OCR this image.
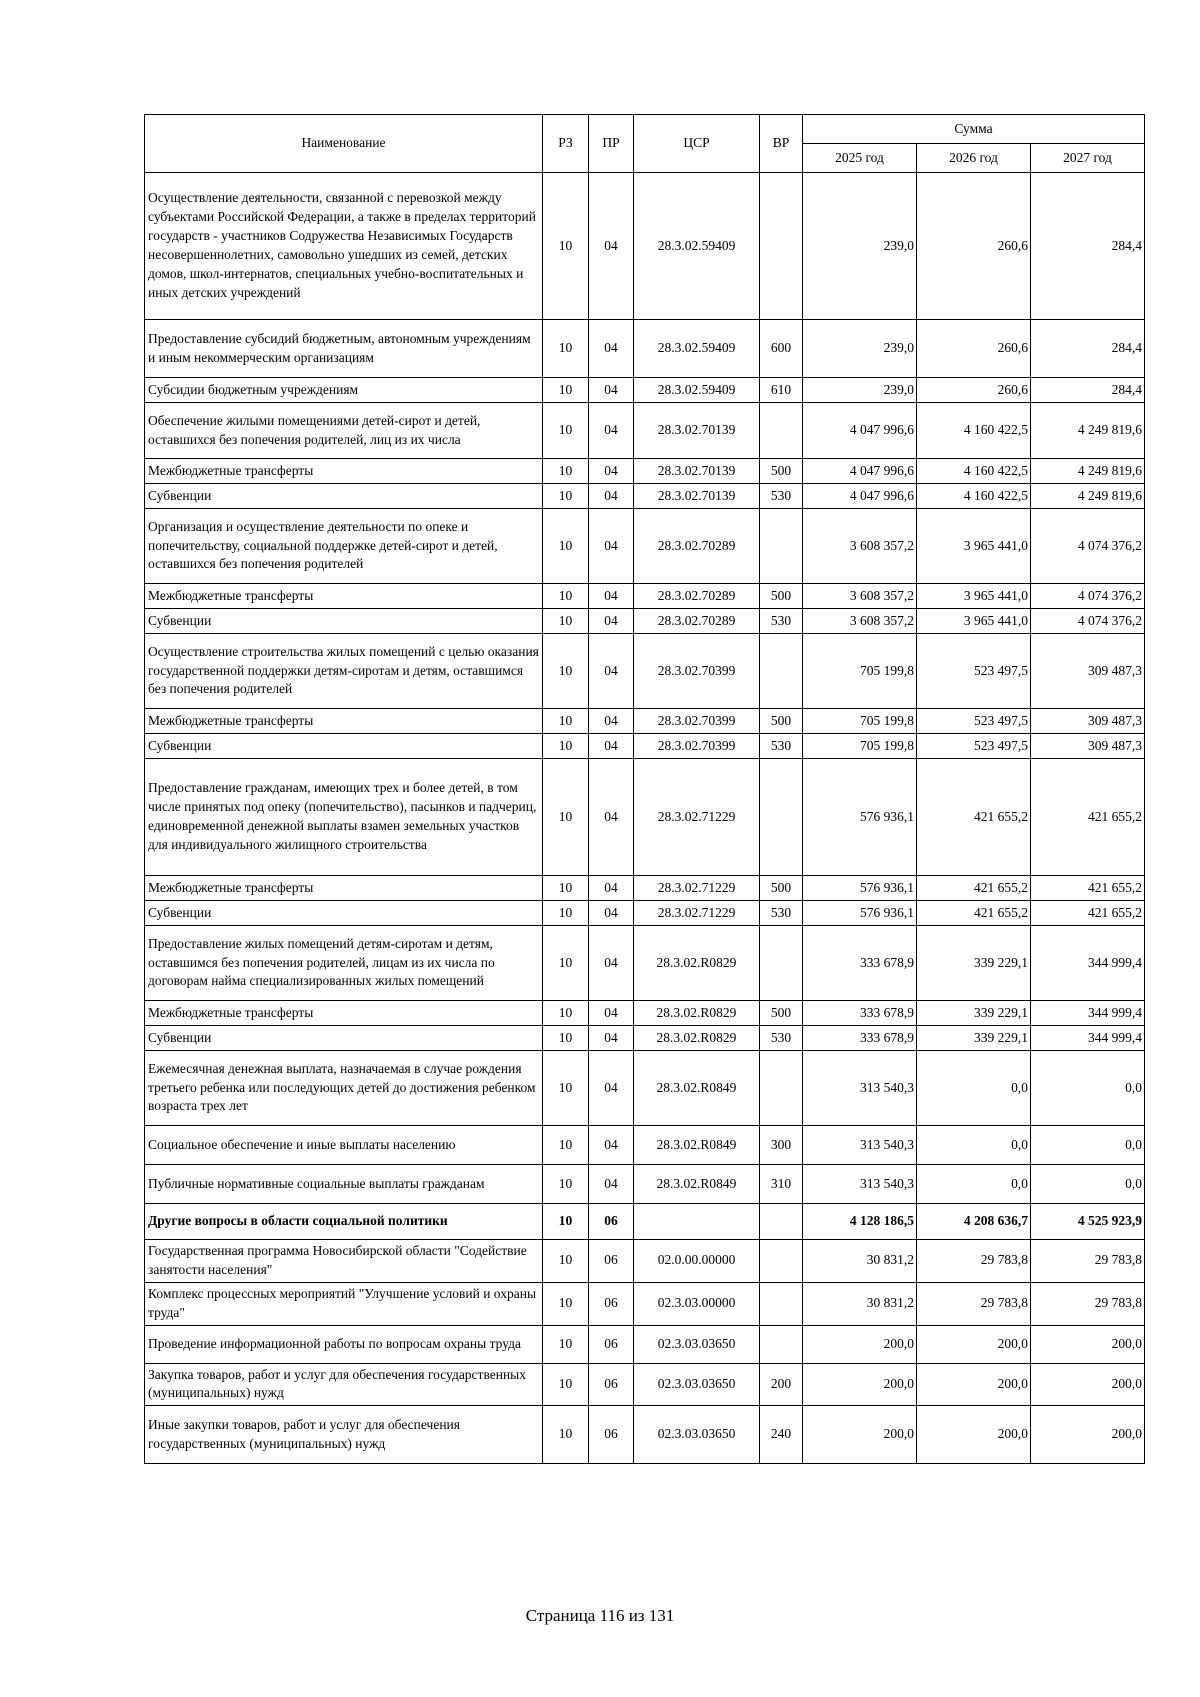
Наименование	РЗ	ПР	ЦСР	ВР	Сумма		
					2025 год	2026 год	2027 год
Осуществление деятельности, связанной с перевозкой между субъектами Российской Федерации, а также в пределах территорий государств - участников Содружества Независимых Государств несовершеннолетних, самовольно ушедших из семей, детских домов, школ-интернатов, специальных учебно-воспитательных и иных детских учреждений	10	04	28.3.02.59409		239,0	260,6	284,4
Предоставление субсидий бюджетным, автономным учреждениям и иным некоммерческим организациям	10	04	28.3.02.59409	600	239,0	260,6	284,4
Субсидии бюджетным учреждениям	10	04	28.3.02.59409	610	239,0	260,6	284,4
Обеспечение жилыми помещениями детей-сирот и детей, оставшихся без попечения родителей, лиц из их числа	10	04	28.3.02.70139		4 047 996,6	4 160 422,5	4 249 819,6
Межбюджетные трансферты	10	04	28.3.02.70139	500	4 047 996,6	4 160 422,5	4 249 819,6
Субвенции	10	04	28.3.02.70139	530	4 047 996,6	4 160 422,5	4 249 819,6
Организация и осуществление деятельности по опеке и попечительству, социальной поддержке детей-сирот и детей, оставшихся без попечения родителей	10	04	28.3.02.70289		3 608 357,2	3 965 441,0	4 074 376,2
Межбюджетные трансферты	10	04	28.3.02.70289	500	3 608 357,2	3 965 441,0	4 074 376,2
Субвенции	10	04	28.3.02.70289	530	3 608 357,2	3 965 441,0	4 074 376,2
Осуществление строительства жилых помещений с целью оказания государственной поддержки детям-сиротам и детям, оставшимся без попечения родителей	10	04	28.3.02.70399		705 199,8	523 497,5	309 487,3
Межбюджетные трансферты	10	04	28.3.02.70399	500	705 199,8	523 497,5	309 487,3
Субвенции	10	04	28.3.02.70399	530	705 199,8	523 497,5	309 487,3
Предоставление гражданам, имеющих трех и более детей, в том числе принятых под опеку (попечительство), пасынков и падчериц, единовременной денежной выплаты взамен земельных участков для индивидуального жилищного строительства	10	04	28.3.02.71229		576 936,1	421 655,2	421 655,2
Межбюджетные трансферты	10	04	28.3.02.71229	500	576 936,1	421 655,2	421 655,2
Субвенции	10	04	28.3.02.71229	530	576 936,1	421 655,2	421 655,2
Предоставление жилых помещений детям-сиротам и детям, оставшимся без попечения родителей, лицам из их числа по договорам найма специализированных жилых помещений	10	04	28.3.02.R0829		333 678,9	339 229,1	344 999,4
Межбюджетные трансферты	10	04	28.3.02.R0829	500	333 678,9	339 229,1	344 999,4
Субвенции	10	04	28.3.02.R0829	530	333 678,9	339 229,1	344 999,4
Ежемесячная денежная выплата, назначаемая в случае рождения третьего ребенка или последующих детей до достижения ребенком возраста трех лет	10	04	28.3.02.R0849		313 540,3	0,0	0,0
Социальное обеспечение и иные выплаты населению	10	04	28.3.02.R0849	300	313 540,3	0,0	0,0
Публичные нормативные социальные выплаты гражданам	10	04	28.3.02.R0849	310	313 540,3	0,0	0,0
Другие вопросы в области социальной политики	10	06			4 128 186,5	4 208 636,7	4 525 923,9
Государственная программа Новосибирской области "Содействие занятости населения"	10	06	02.0.00.00000		30 831,2	29 783,8	29 783,8
Комплекс процессных мероприятий "Улучшение условий и охраны труда"	10	06	02.3.03.00000		30 831,2	29 783,8	29 783,8
Проведение информационной работы по вопросам охраны труда	10	06	02.3.03.03650		200,0	200,0	200,0
Закупка товаров, работ и услуг для обеспечения государственных (муниципальных) нужд	10	06	02.3.03.03650	200	200,0	200,0	200,0
Иные закупки товаров, работ и услуг для обеспечения государственных (муниципальных) нужд	10	06	02.3.03.03650	240	200,0	200,0	200,0
Страница 116 из 131
